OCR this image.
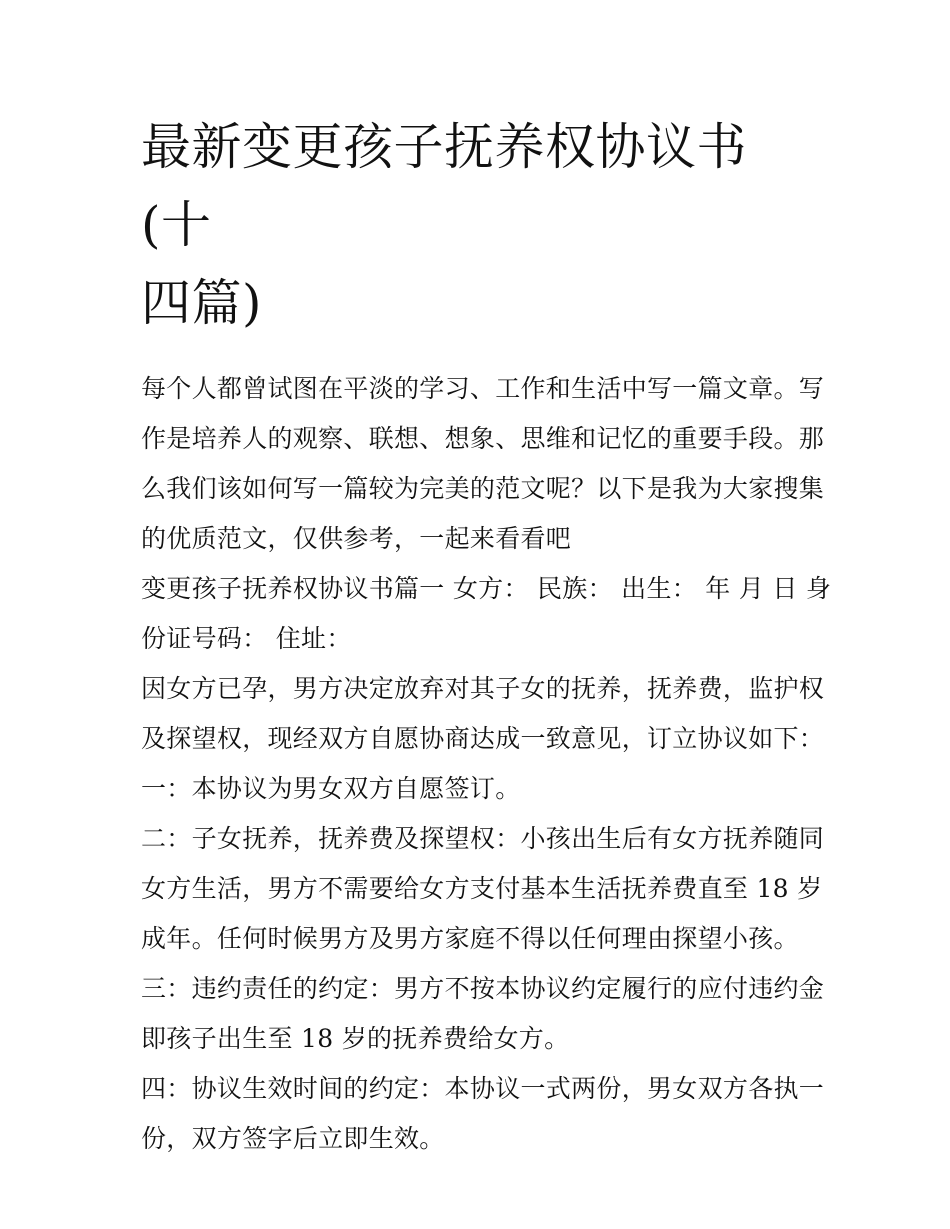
最新变更孩子抚养权协议书(十
四篇)

每个人都曾试图在平淡的学习、工作和生活中写一篇文章。写
作是培养人的观察、联想、想象、思维和记忆的重要手段。那
么我们该如何写一篇较为完美的范文呢？以下是我为大家搜集
的优质范文，仅供参考，一起来看看吧

变更孩子抚养权协议书篇一 女方： 民族： 出生： 年 月 日 身
份证号码： 住址：

因女方已孕，男方决定放弃对其子女的抚养，抚养费，监护权
及探望权，现经双方自愿协商达成一致意见，订立协议如下：

一：本协议为男女双方自愿签订。

二：子女抚养，抚养费及探望权：小孩出生后有女方抚养随同
女方生活，男方不需要给女方支付基本生活抚养费直至 18 岁
成年。任何时候男方及男方家庭不得以任何理由探望小孩。

三：违约责任的约定：男方不按本协议约定履行的应付违约金
即孩子出生至 18 岁的抚养费给女方。

四：协议生效时间的约定：本协议一式两份，男女双方各执一
份，双方签字后立即生效。
